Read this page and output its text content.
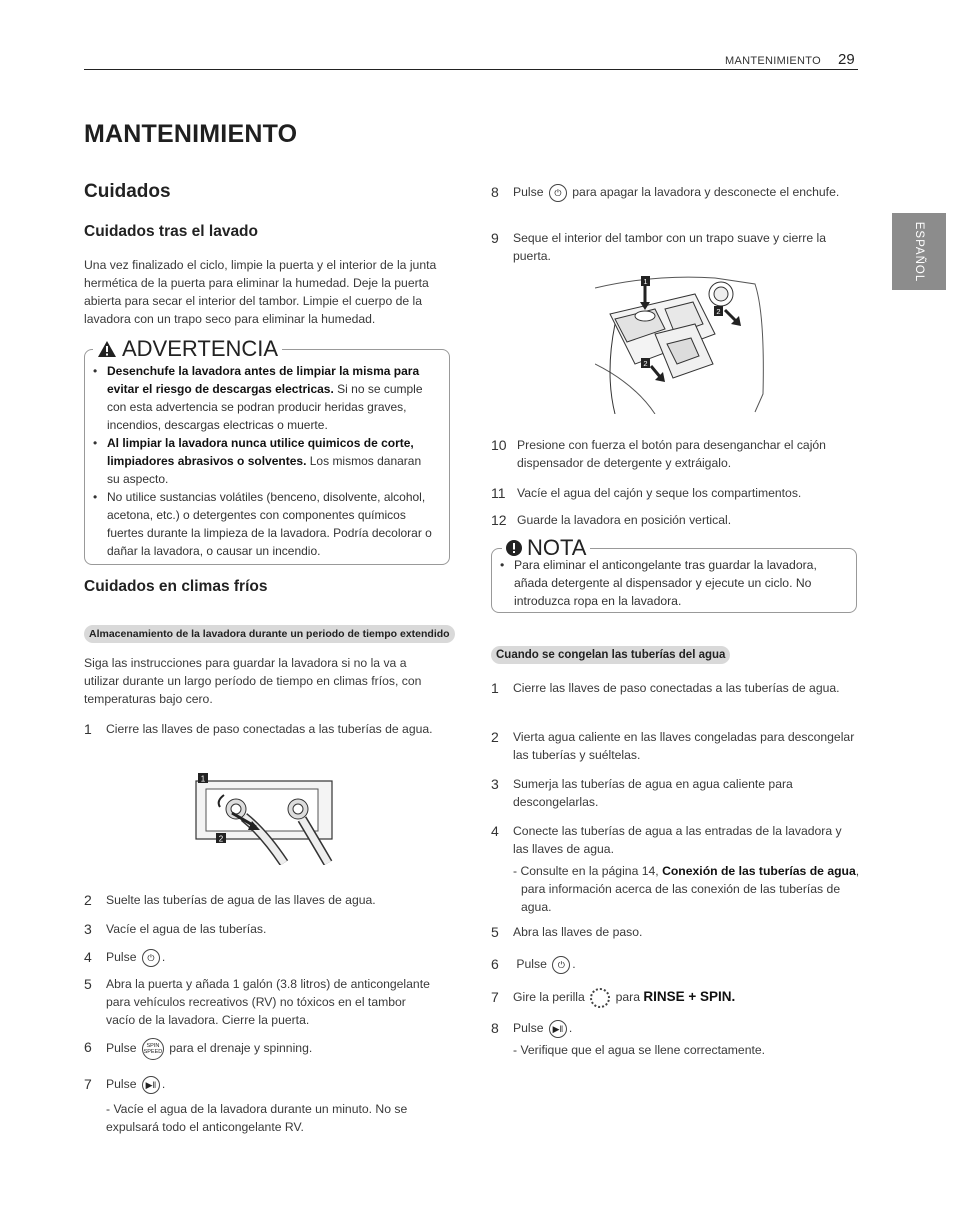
MANTENIMIENTO 29
ESPAÑOL
MANTENIMIENTO
Cuidados
Cuidados tras el lavado
Una vez finalizado el ciclo, limpie la puerta y el interior de la junta hermética de la puerta para eliminar la humedad. Deje la puerta abierta para secar el interior del tambor. Limpie el cuerpo de la lavadora con un trapo seco para eliminar la humedad.
ADVERTENCIA
• Desenchufe la lavadora antes de limpiar la misma para evitar el riesgo de descargas electricas. Si no se cumple con esta advertencia se podran producir heridas graves, incendios, descargas electricas o muerte.
• Al limpiar la lavadora nunca utilice quimicos de corte, limpiadores abrasivos o solventes. Los mismos danaran su aspecto.
• No utilice sustancias volátiles (benceno, disolvente, alcohol, acetona, etc.) o detergentes con componentes químicos fuertes durante la limpieza de la lavadora. Podría decolorar o dañar la lavadora, o causar un incendio.
Cuidados en climas fríos
Almacenamiento de la lavadora durante un periodo de tiempo extendido
Siga las instrucciones para guardar la lavadora si no la va a utilizar durante un largo período de tiempo en climas fríos, con temperaturas bajo cero.
1	Cierre las llaves de paso conectadas a las tuberías de agua.
1
2
2	Suelte las tuberías de agua de las llaves de agua.
3	Vacíe el agua de las tuberías.
4	Pulse ⏻ .
5	Abra la puerta y añada 1 galón (3.8 litros) de anticongelante para vehículos recreativos (RV) no tóxicos en el tambor vacío de la lavadora. Cierre la puerta.
6	Pulse	SPIN
SPEED para el drenaje y spinning.
7	Pulse ▶‖ .
- Vacíe el agua de la lavadora durante un minuto. No se expulsará todo el anticongelante RV.
8	Pulse ⏻ para apagar la lavadora y desconecte el enchufe.
9	Seque el interior del tambor con un trapo suave y cierre la puerta.
1
2
2
10 Presione con fuerza el botón para desenganchar el cajón dispensador de detergente y extráigalo.
11 Vacíe el agua del cajón y seque los compartimentos.
12 Guarde la lavadora en posición vertical.
NOTA
• Para eliminar el anticongelante tras guardar la lavadora, añada detergente al dispensador y ejecute un ciclo. No introduzca ropa en la lavadora.
Cuando se congelan las tuberías del agua
1	Cierre las llaves de paso conectadas a las tuberías de agua.
2	Vierta agua caliente en las llaves congeladas para descongelar las tuberías y suéltelas.
3	Sumerja las tuberías de agua en agua caliente para descongelarlas.
4	Conecte las tuberías de agua a las entradas de la lavadora y las llaves de agua.
- Consulte en la página 14, Conexión de las tuberías de agua, para información acerca de las conexión de las tuberías de agua.
5	Abra las llaves de paso.
6	Pulse ⏻ .
7	Gire la perilla	para RINSE + SPIN.
8	Pulse ▶‖ .
- Verifique que el agua se llene correctamente.
